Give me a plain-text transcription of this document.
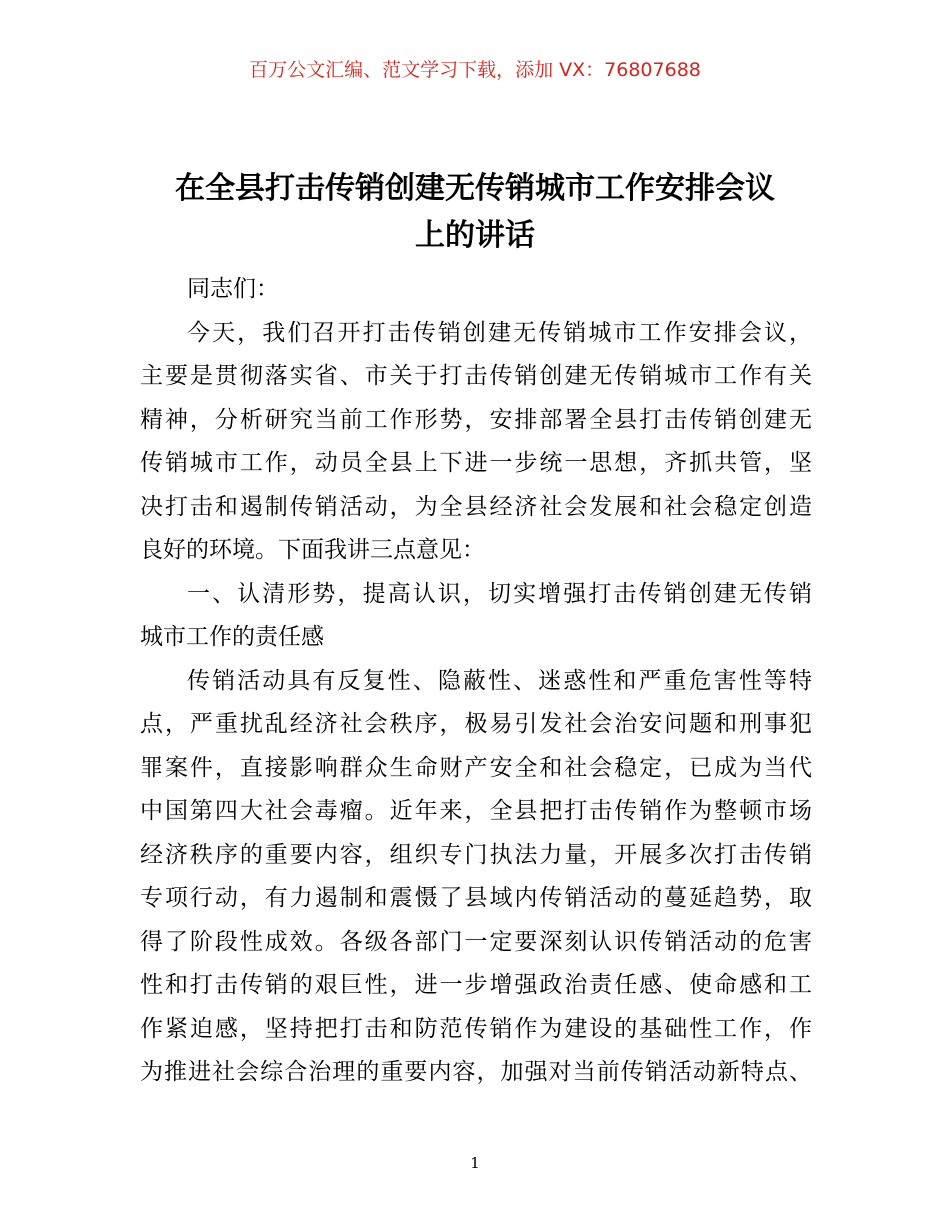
百万公文汇编、范文学习下载，添加 VX：76807688
在全县打击传销创建无传销城市工作安排会议
上的讲话
同志们：
今天，我们召开打击传销创建无传销城市工作安排会议，
主要是贯彻落实省、市关于打击传销创建无传销城市工作有关
精神，分析研究当前工作形势，安排部署全县打击传销创建无
传销城市工作，动员全县上下进一步统一思想，齐抓共管，坚
决打击和遏制传销活动，为全县经济社会发展和社会稳定创造
良好的环境。下面我讲三点意见：
一、认清形势，提高认识，切实增强打击传销创建无传销
城市工作的责任感
传销活动具有反复性、隐蔽性、迷惑性和严重危害性等特
点，严重扰乱经济社会秩序，极易引发社会治安问题和刑事犯
罪案件，直接影响群众生命财产安全和社会稳定，已成为当代
中国第四大社会毒瘤。近年来，全县把打击传销作为整顿市场
经济秩序的重要内容，组织专门执法力量，开展多次打击传销
专项行动，有力遏制和震慑了县域内传销活动的蔓延趋势，取
得了阶段性成效。各级各部门一定要深刻认识传销活动的危害
性和打击传销的艰巨性，进一步增强政治责任感、使命感和工
作紧迫感，坚持把打击和防范传销作为建设的基础性工作，作
为推进社会综合治理的重要内容，加强对当前传销活动新特点、
1
